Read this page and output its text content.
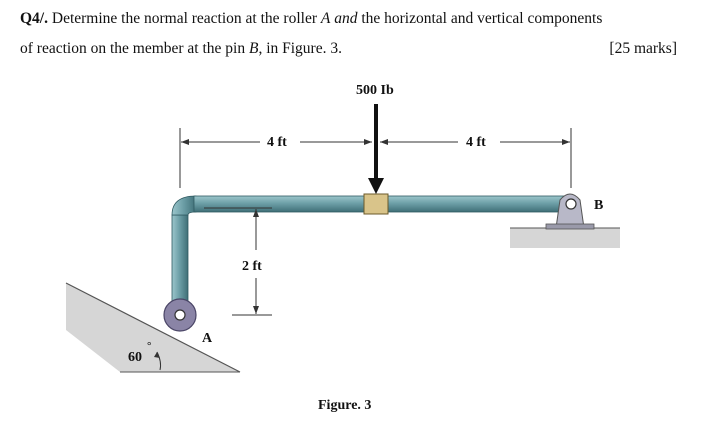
Q4/. Determine the normal reaction at the roller A and the horizontal and vertical components
of reaction on the member at the pin B, in Figure. 3.	[25 marks]
500 Ib
4 ft	4 ft
2 ft
60
°	A
B
Figure. 3
